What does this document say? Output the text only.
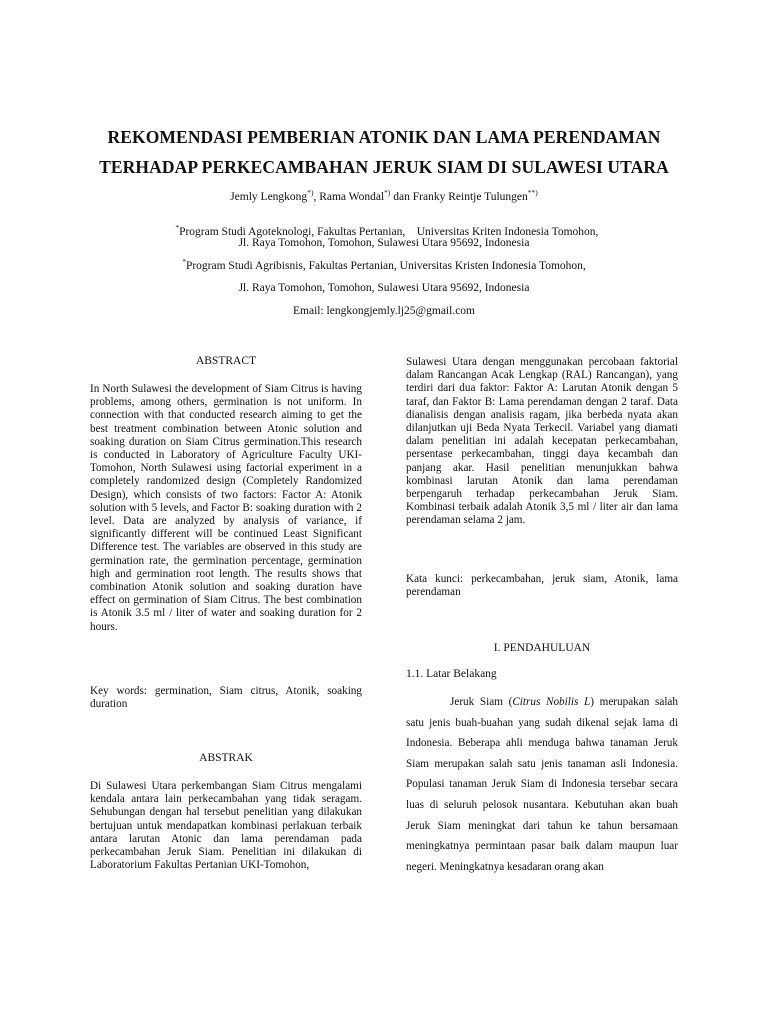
REKOMENDASI PEMBERIAN ATONIK DAN LAMA PERENDAMAN
TERHADAP PERKECAMBAHAN JERUK SIAM DI SULAWESI UTARA
Jemly Lengkong*), Rama Wondal*) dan Franky Reintje Tulungen**)

*Program Studi Agoteknologi, Fakultas Pertanian,    Universitas Kriten Indonesia Tomohon,

Jl. Raya Tomohon, Tomohon, Sulawesi Utara 95692, Indonesia
*Program Studi Agribisnis, Fakultas Pertanian, Universitas Kristen Indonesia Tomohon,
Jl. Raya Tomohon, Tomohon, Sulawesi Utara 95692, Indonesia
Email: lengkongjemly.lj25@gmail.com
ABSTRACT

In North Sulawesi the development of Siam Citrus is having problems, among others, germination is not uniform. In connection with that conducted research aiming to get the best treatment combination between Atonic solution and soaking duration on Siam Citrus germination.This research is conducted in Laboratory of Agriculture Faculty UKI-Tomohon, North Sulawesi using factorial experiment in a completely randomized design (Completely Randomized Design), which consists of two factors: Factor A: Atonik solution with 5 levels, and Factor B: soaking duration with 2 level. Data are analyzed by analysis of variance, if significantly different will be continued Least Significant Difference test. The variables are observed in this study are germination rate, the germination percentage, germination high and germination root length. The results shows that combination Atonik solution and soaking duration have effect on germination of Siam Citrus. The best combination is Atonik 3.5 ml / liter of water and soaking duration for 2 hours.

Key words: germination, Siam citrus, Atonik, soaking duration

ABSTRAK

Di Sulawesi Utara perkembangan Siam Citrus mengalami kendala antara lain perkecambahan yang tidak seragam. Sehubungan dengan hal tersebut penelitian yang dilakukan bertujuan untuk mendapatkan kombinasi perlakuan terbaik antara larutan Atonic dan lama perendaman pada perkecambahan Jeruk Siam. Penelitian ini dilakukan di Laboratorium Fakultas Pertanian UKI-Tomohon,

Sulawesi Utara dengan menggunakan percobaan faktorial dalam Rancangan Acak Lengkap (RAL) Rancangan), yang terdiri dari dua faktor: Faktor A: Larutan Atonik dengan 5 taraf, dan Faktor B: Lama perendaman dengan 2 taraf. Data dianalisis dengan analisis ragam, jika berbeda nyata akan dilanjutkan uji Beda Nyata Terkecil. Variabel yang diamati dalam penelitian ini adalah kecepatan perkecambahan, persentase perkecambahan, tinggi daya kecambah dan panjang akar. Hasil penelitian menunjukkan bahwa kombinasi larutan Atonik dan lama perendaman berpengaruh terhadap perkecambahan Jeruk Siam. Kombinasi terbaik adalah Atonik 3,5 ml / liter air dan lama perendaman selama 2 jam.

Kata kunci: perkecambahan, jeruk siam, Atonik, lama perendaman

I. PENDAHULUAN
1.1. Latar Belakang

Jeruk Siam (Citrus Nobilis L) merupakan salah satu jenis buah-buahan yang sudah dikenal sejak lama di Indonesia. Beberapa ahli menduga bahwa tanaman Jeruk Siam merupakan salah satu jenis tanaman asli Indonesia. Populasi tanaman Jeruk Siam di Indonesia tersebar secara luas di seluruh pelosok nusantara. Kebutuhan akan buah Jeruk Siam meningkat dari tahun ke tahun bersamaan meningkatnya permintaan pasar baik dalam maupun luar negeri. Meningkatnya kesadaran orang akan
